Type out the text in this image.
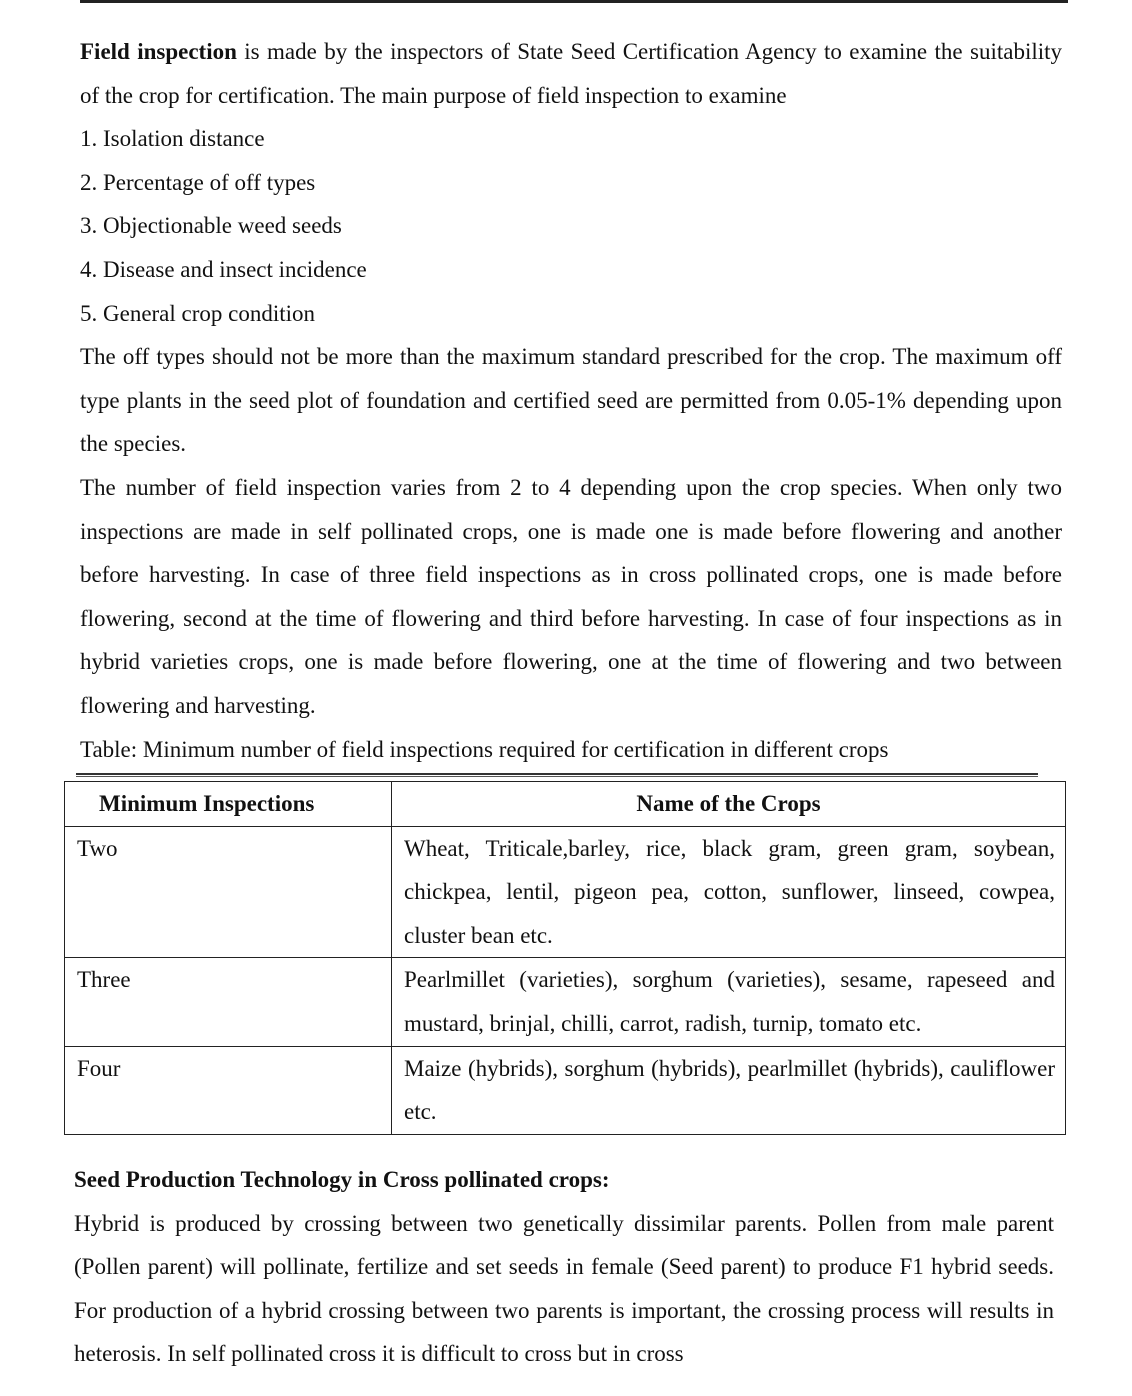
Field inspection is made by the inspectors of State Seed Certification Agency to examine the suitability of the crop for certification. The main purpose of field inspection to examine

1. Isolation distance
2. Percentage of off types
3. Objectionable weed seeds
4. Disease and insect incidence
5. General crop condition

The off types should not be more than the maximum standard prescribed for the crop. The maximum off type plants in the seed plot of foundation and certified seed are permitted from 0.05-1% depending upon the species.

The number of field inspection varies from 2 to 4 depending upon the crop species. When only two inspections are made in self pollinated crops, one is made one is made before flowering and another before harvesting. In case of three field inspections as in cross pollinated crops, one is made before flowering, second at the time of flowering and third before harvesting. In case of four inspections as in hybrid varieties crops, one is made before flowering, one at the time of flowering and two between flowering and harvesting.

Table: Minimum number of field inspections required for certification in different crops

Minimum Inspections	Name of the Crops
Two	Wheat, Triticale,barley, rice, black gram, green gram, soybean, chickpea, lentil, pigeon pea, cotton, sunflower, linseed, cowpea, cluster bean etc.
Three	Pearlmillet (varieties), sorghum (varieties), sesame, rapeseed and mustard, brinjal, chilli, carrot, radish, turnip, tomato etc.
Four	Maize (hybrids), sorghum (hybrids), pearlmillet (hybrids), cauliflower etc.

Seed Production Technology in Cross pollinated crops:

Hybrid is produced by crossing between two genetically dissimilar parents. Pollen from male parent (Pollen parent) will pollinate, fertilize and set seeds in female (Seed parent) to produce F1 hybrid seeds. For production of a hybrid crossing between two parents is important, the crossing process will results in heterosis. In self pollinated cross it is difficult to cross but in cross
